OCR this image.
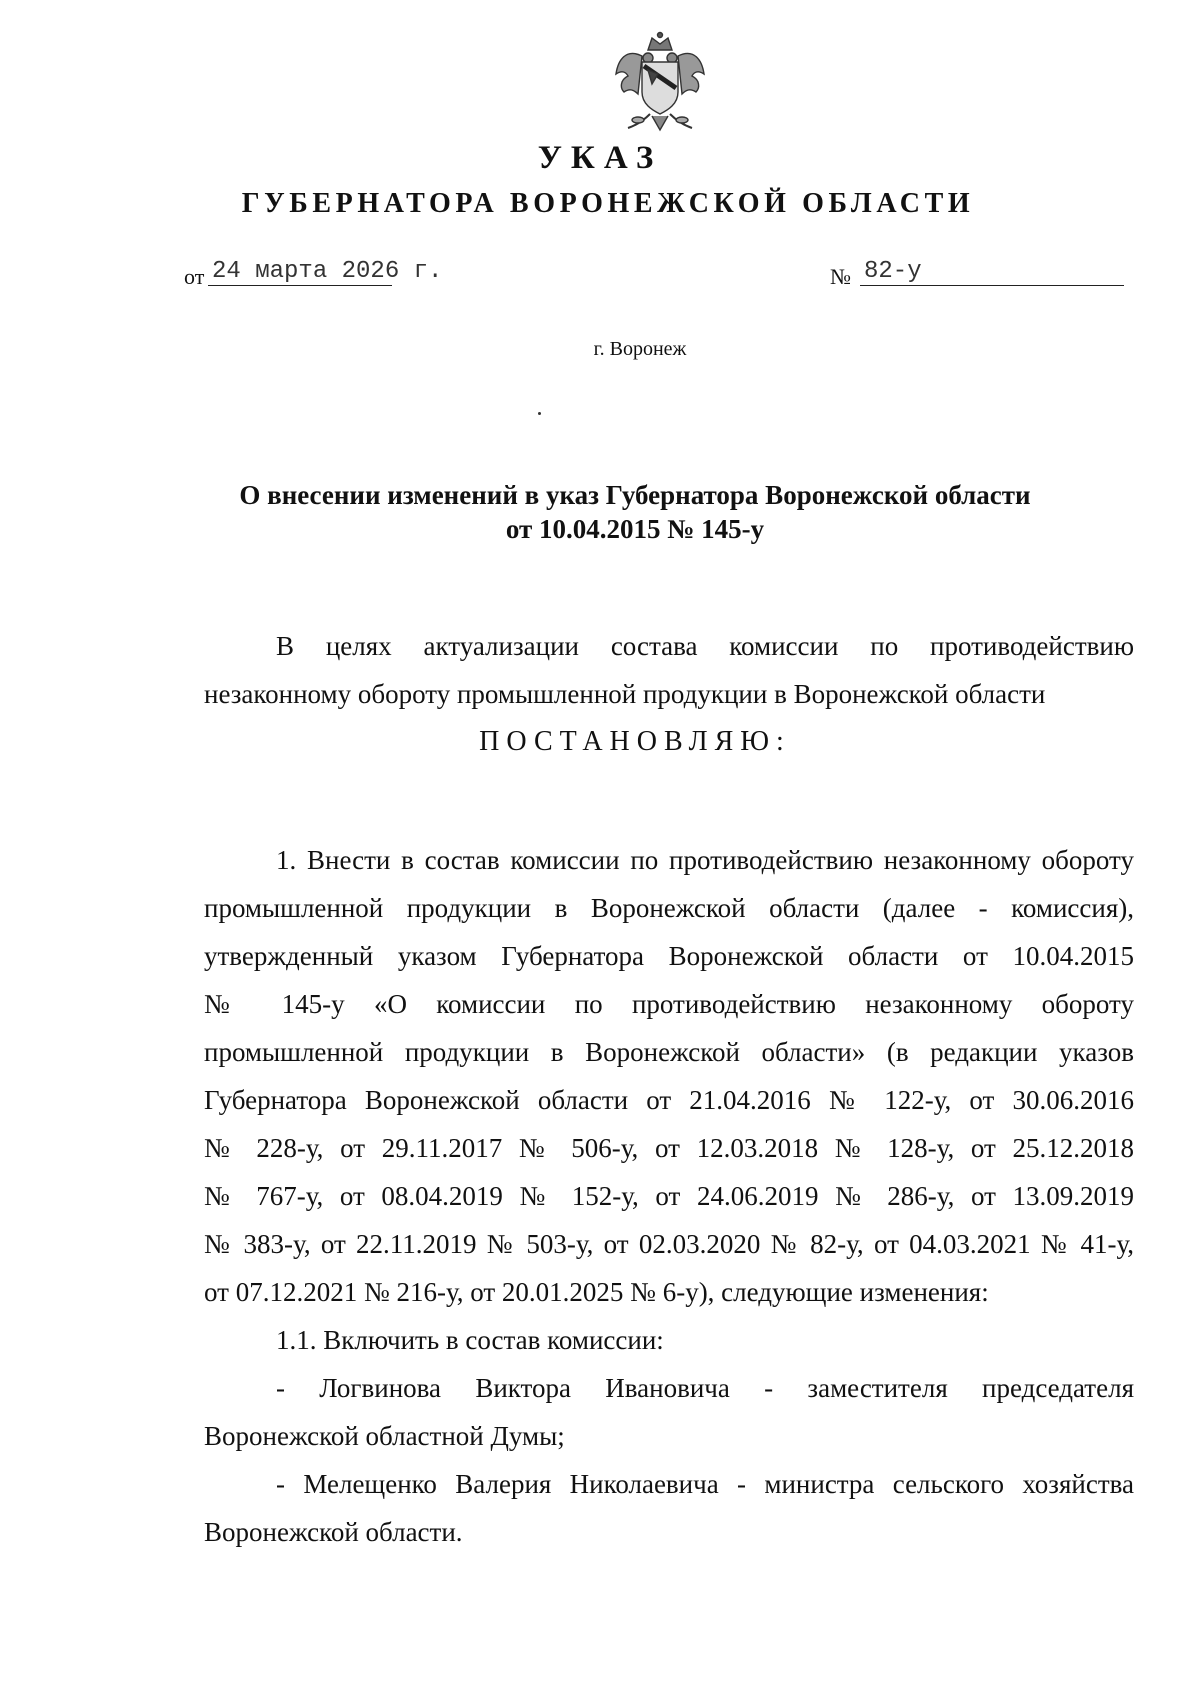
УКАЗ
ГУБЕРНАТОРА ВОРОНЕЖСКОЙ ОБЛАСТИ
от 24 марта 2026 г.	№ 82-у
г. Воронеж
О внесении изменений в указ Губернатора Воронежской области
от 10.04.2015 № 145-у

В целях актуализации состава комиссии по противодействию

незаконному обороту промышленной продукции в Воронежской области

ПОСТАНОВЛЯЮ:
1. Внести в состав комиссии по противодействию незаконному обороту
промышленной продукции в Воронежской области (далее - комиссия),
утвержденный указом Губернатора Воронежской области от 10.04.2015
№ 145-у «О комиссии по противодействию незаконному обороту
промышленной продукции в Воронежской области» (в редакции указов
Губернатора Воронежской области от 21.04.2016 № 122-у, от 30.06.2016
№ 228-у, от 29.11.2017 № 506-у, от 12.03.2018 № 128-у, от 25.12.2018
№ 767-у, от 08.04.2019 № 152-у, от 24.06.2019 № 286-у, от 13.09.2019
№ 383-у, от 22.11.2019 № 503-у, от 02.03.2020 № 82-у, от 04.03.2021 № 41-у,
от 07.12.2021 № 216-у, от 20.01.2025 № 6-у), следующие изменения:
1.1. Включить в состав комиссии:
- Логвинова Виктора Ивановича - заместителя председателя
Воронежской областной Думы;
- Мелещенко Валерия Николаевича - министра сельского хозяйства
Воронежской области.
